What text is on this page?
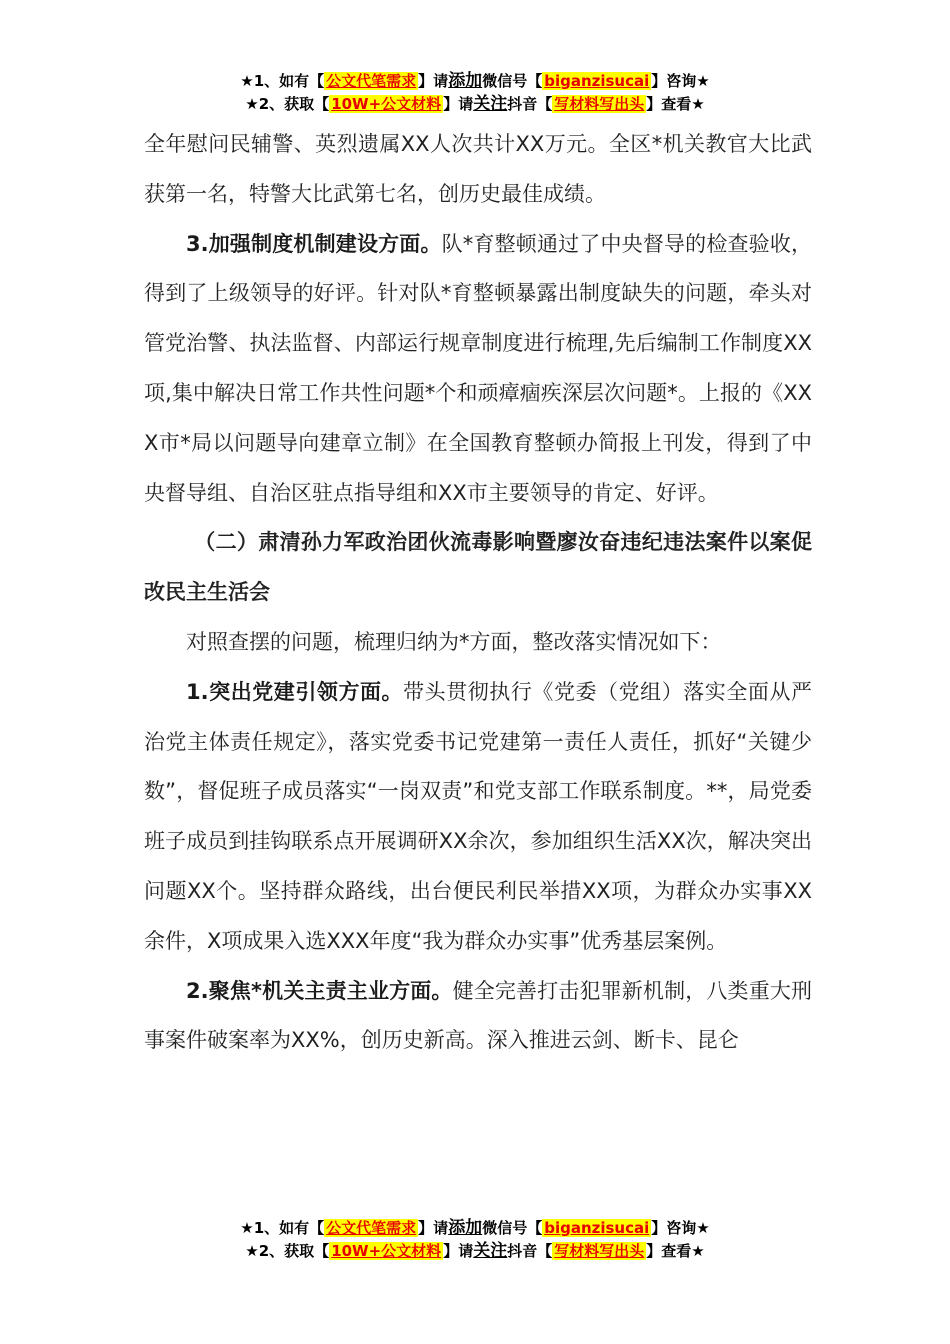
★1、如有【 公文代笔需求 】请添加微信号【 biganzisucai 】咨询★
★2、获取【 10W+公文材料 】请关注抖音【 写材料写出头 】查看★

全年慰问民辅警、英烈遗属XX人次共计XX万元。全区*机关教官大比武获第一名，特警大比武第七名，创历史最佳成绩。

3.加强制度机制建设方面。队*育整顿通过了中央督导的检查验收，得到了上级领导的好评。针对队*育整顿暴露出制度缺失的问题，牵头对管党治警、执法监督、内部运行规章制度进行梳理,先后编制工作制度XX项,集中解决日常工作共性问题*个和顽瘴痼疾深层次问题*。上报的《XXX市*局以问题导向建章立制》在全国教育整顿办简报上刊发，得到了中央督导组、自治区驻点指导组和XX市主要领导的肯定、好评。

（二）肃清孙力军政治团伙流毒影响暨廖汝奋违纪违法案件以案促改民主生活会

对照查摆的问题，梳理归纳为*方面，整改落实情况如下：

1.突出党建引领方面。带头贯彻执行《党委（党组）落实全面从严治党主体责任规定》，落实党委书记党建第一责任人责任，抓好“关键少数”，督促班子成员落实“一岗双责”和党支部工作联系制度。**，局党委班子成员到挂钩联系点开展调研XX余次，参加组织生活XX次，解决突出问题XX个。坚持群众路线，出台便民利民举措XX项，为群众办实事XX余件，X项成果入选XXX年度“我为群众办实事”优秀基层案例。

2.聚焦*机关主责主业方面。健全完善打击犯罪新机制，八类重大刑事案件破案率为XX%，创历史新高。深入推进云剑、断卡、昆仑

★1、如有【 公文代笔需求 】请添加微信号【 biganzisucai 】咨询★
★2、获取【 10W+公文材料 】请关注抖音【 写材料写出头 】查看★
